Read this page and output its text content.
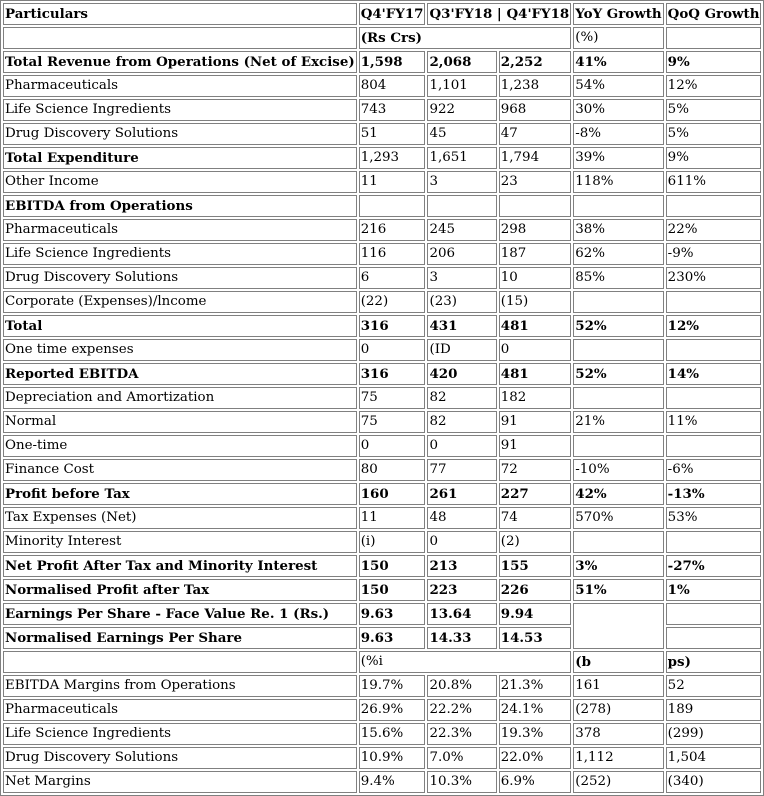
Particulars	Q4'FY17	Q3'FY18 | Q4'FY18		YoY Growth	QoQ Growth
	(Rs Crs)			(%)	
Total Revenue from Operations (Net of Excise)	1,598	2,068	2,252	41%	9%
Pharmaceuticals	804	1,101	1,238	54%	12%
Life Science Ingredients	743	922	968	30%	5%
Drug Discovery Solutions	51	45	47	-8%	5%
Total Expenditure	1,293	1,651	1,794	39%	9%
Other Income	11	3	23	118%	611%
EBITDA from Operations					
Pharmaceuticals	216	245	298	38%	22%
Life Science Ingredients	116	206	187	62%	-9%
Drug Discovery Solutions	6	3	10	85%	230%
Corporate (Expenses)/lncome	(22)	(23)	(15)		
Total	316	431	481	52%	12%
One time expenses	0	(ID	0		
Reported EBITDA	316	420	481	52%	14%
Depreciation and Amortization	75	82	182		
Normal	75	82	91	21%	11%
One-time	0	0	91		
Finance Cost	80	77	72	-10%	-6%
Profit before Tax	160	261	227	42%	-13%
Tax Expenses (Net)	11	48	74	570%	53%
Minority Interest	(i)	0	(2)		
Net Profit After Tax and Minority Interest	150	213	155	3%	-27%
Normalised Profit after Tax	150	223	226	51%	1%
Earnings Per Share - Face Value Re. 1 (Rs.)	9.63	13.64	9.94		
Normalised Earnings Per Share	9.63	14.33	14.53		
	(%i			(b	ps)
EBITDA Margins from Operations	19.7%	20.8%	21.3%	161	52
Pharmaceuticals	26.9%	22.2%	24.1%	(278)	189
Life Science Ingredients	15.6%	22.3%	19.3%	378	(299)
Drug Discovery Solutions	10.9%	7.0%	22.0%	1,112	1,504
Net Margins	9.4%	10.3%	6.9%	(252)	(340)
